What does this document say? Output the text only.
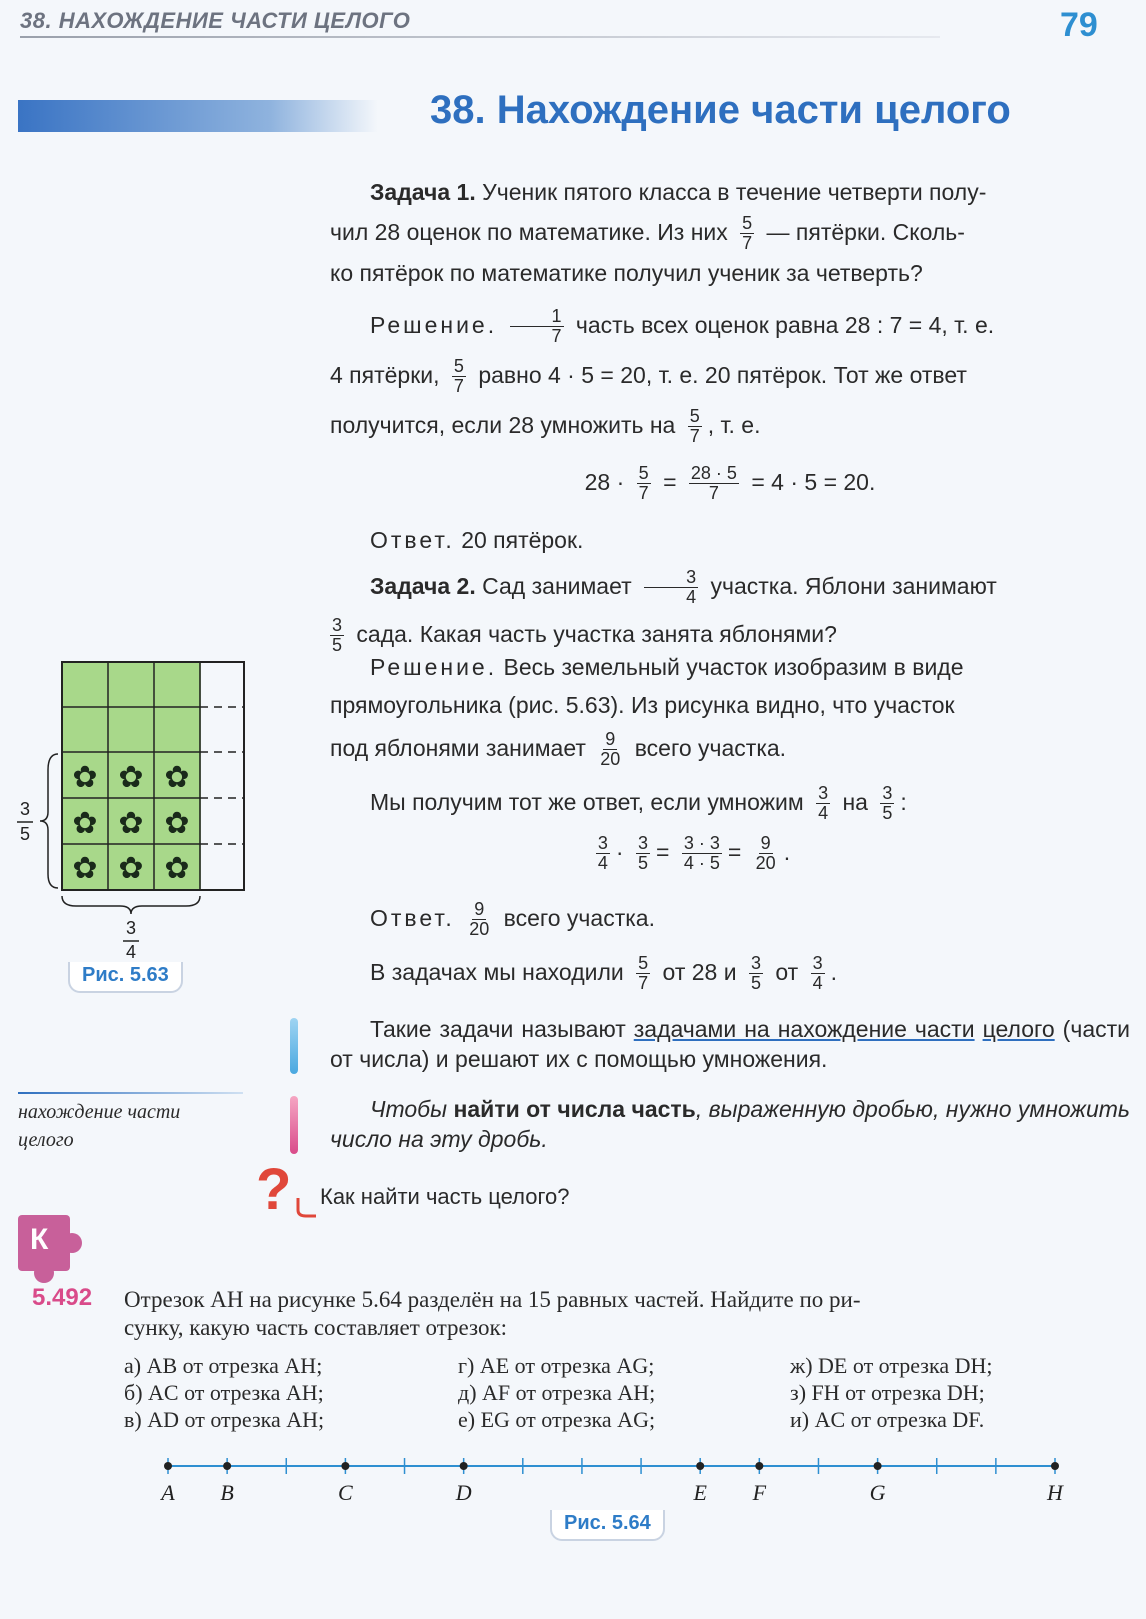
38. НАХОЖДЕНИЕ ЧАСТИ ЦЕЛОГО	79
38. Нахождение части целого
Задача 1. Ученик пятого класса в течение четверти полу-
чил 28 оценок по математике. Из них $\frac{5}{7}$ — пятёрки. Сколь-
ко пятёрок по математике получил ученик за четверть?
Решение. $\frac{1}{7}$ часть всех оценок равна 28 : 7 = 4, т. е.
4 пятёрки, $\frac{5}{7}$ равно 4 · 5 = 20, т. е. 20 пятёрок. Тот же ответ
получится, если 28 умножить на $\frac{5}{7}$ , т. е.
$28 \cdot \frac{5}{7} = \frac{28 \cdot 5}{7} = 4 \cdot 5 = 20$.
Ответ. 20 пятёрок.
Задача 2. Сад занимает $\frac{3}{4}$ участка. Яблони занимают
$\frac{3}{5}$ сада. Какая часть участка занята яблонями?
Решение. Весь земельный участок изобразим в виде
прямоугольника (рис. 5.63). Из рисунка видно, что участок
под яблонями занимает $\frac{9}{20}$ всего участка.
Мы получим тот же ответ, если умножим $\frac{3}{4}$ на $\frac{3}{5}$ :
$\frac{3}{4} \cdot \frac{3}{5} = \frac{3 \cdot 3}{4 \cdot 5} = \frac{9}{20}$ .
Ответ. $\frac{9}{20}$ всего участка.
В задачах мы находили $\frac{5}{7}$ от 28 и $\frac{3}{5}$ от $\frac{3}{4}$ .
✿ ✿ ✿
✿ ✿ ✿
✿ ✿ ✿
3
5
3
4
Рис. 5.63
Такие задачи называют задачами на нахождение части целого (части от числа) и решают их с помощью умножения.
нахождение части
целого
Чтобы найти от числа часть, выраженную дробью, нужно умножить число на эту дробь.
? Как найти часть целого?
К
5.492 Отрезок AH на рисунке 5.64 разделён на 15 равных частей. Найдите по ри-
сунку, какую часть составляет отрезок:
а) AB от отрезка AH;
б) AC от отрезка AH;
в) AD от отрезка AH;
г) AE от отрезка AG;
д) AF от отрезка AH;
е) EG от отрезка AG;
ж) DE от отрезка DH;
з) FH от отрезка DH;
и) AC от отрезка DF.
A B	C	D	E F	G	H
Рис. 5.64
